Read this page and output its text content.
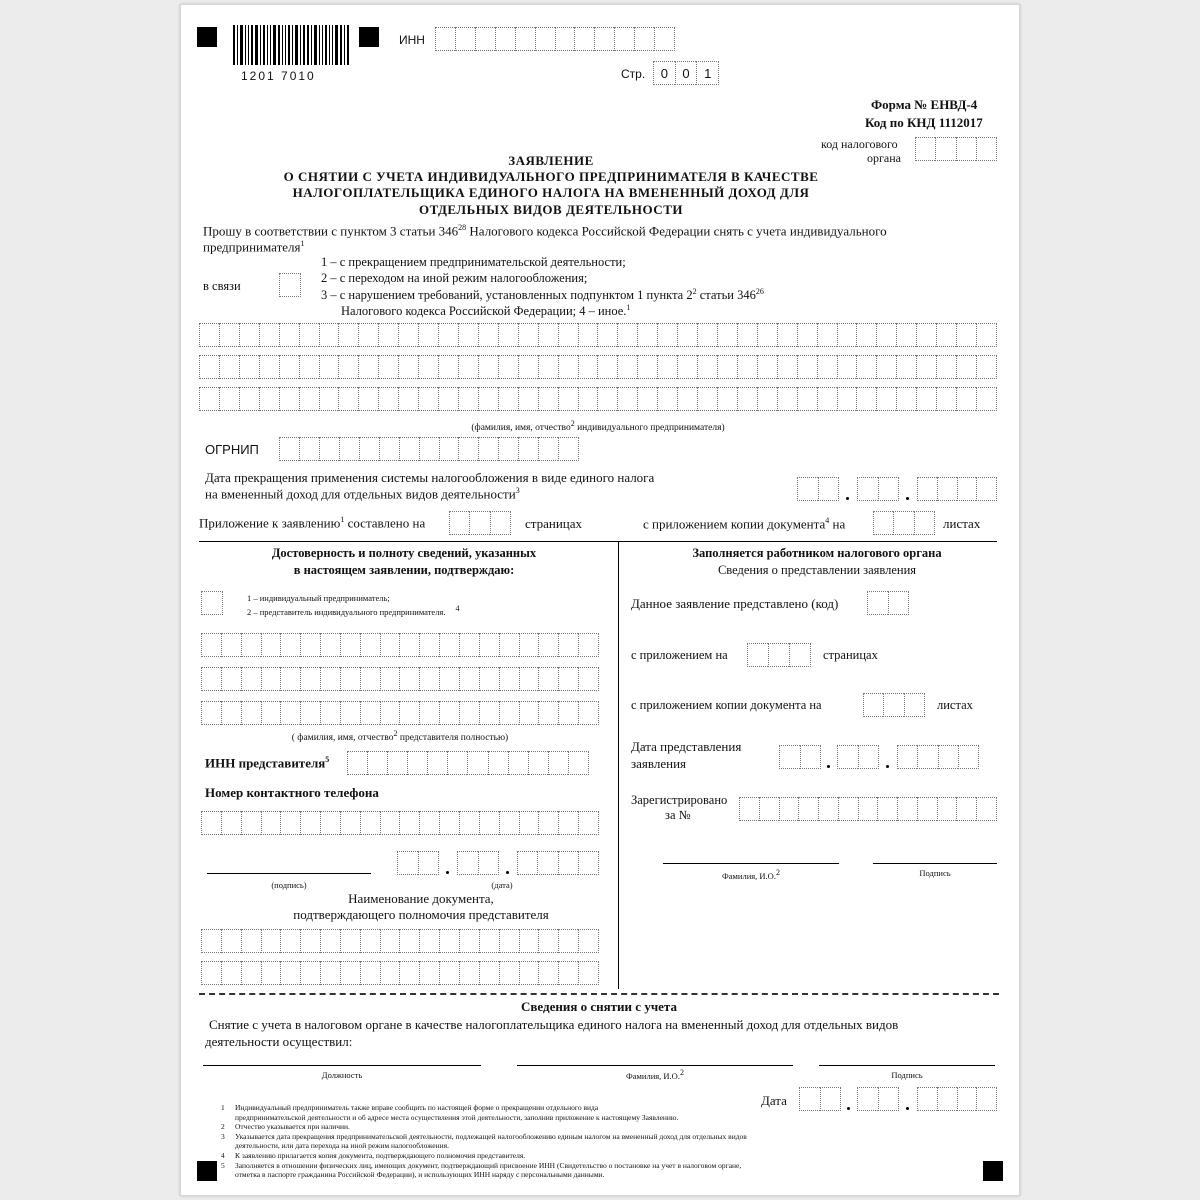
1201 7010
ИНН
Стр.	0	0	1
Форма № ЕНВД-4
Код по КНД 1112017
код налогового
органа
ЗАЯВЛЕНИЕ
О СНЯТИИ С УЧЕТА ИНДИВИДУАЛЬНОГО ПРЕДПРИНИМАТЕЛЯ В КАЧЕСТВЕ
НАЛОГОПЛАТЕЛЬЩИКА ЕДИНОГО НАЛОГА НА ВМЕНЕННЫЙ ДОХОД ДЛЯ
ОТДЕЛЬНЫХ ВИДОВ ДЕЯТЕЛЬНОСТИ
Прошу в соответствии с пунктом 3 статьи $346^{28}$ Налогового кодекса Российской Федерации снять с учета индивидуального
предпринимателя$^1$
в связи
1 – с прекращением предпринимательской деятельности;
2 – с переходом на иной режим налогообложения;
3 – с нарушением требований, установленных подпунктом 1 пункта $2^2$ статьи $346^{26}$
Налогового кодекса Российской Федерации; 4 – иное.$^1$
(фамилия, имя, отчество$^2$ индивидуального предпринимателя)
ОГРНИП
Дата прекращения применения системы налогообложения в виде единого налога
на вмененный доход для отдельных видов деятельности$^3$
Приложение к заявлению$^1$ составлено на	страницах	с приложением копии документа$^4$ на	листах
Достоверность и полноту сведений, указанных
в настоящем заявлении, подтверждаю:
1 – индивидуальный предприниматель;
2 – представитель индивидуального предпринимателя. $^4$
( фамилия, имя, отчество$^2$ представителя полностью)
ИНН представителя$^5$
Номер контактного телефона
(подпись)	(дата)
Наименование документа,
подтверждающего полномочия представителя
Заполняется работником налогового органа
Сведения о представлении заявления
Данное заявление представлено (код)
с приложением на	страницах
с приложением копии документа на	листах
Дата представления
заявления
Зарегистрировано
за №
Фамилия, И.О.$^2$	Подпись
Сведения о снятии с учета
Снятие с учета в налоговом органе в качестве налогоплательщика единого налога на вмененный доход для отдельных видов
деятельности осуществил:
Должность	Фамилия, И.О.$^2$	Подпись
Дата
1	Индивидуальный предприниматель также вправе сообщить по настоящей форме о прекращении отдельного вида
предпринимательской деятельности и об адресе места осуществления этой деятельности, заполнив приложение к настоящему Заявлению.
2	Отчество указывается при наличии.
3	Указывается дата прекращения предпринимательской деятельности, подлежащей налогообложению единым налогом на вмененный доход для отдельных видов
деятельности, или дата перехода на иной режим налогообложения.
4	К заявлению прилагается копия документа, подтверждающего полномочия представителя.
5	Заполняется в отношении физических лиц, имеющих документ, подтверждающий присвоение ИНН (Свидетельство о постановке на учет в налоговом органе,
отметка в паспорте гражданина Российской Федерации), и использующих ИНН наряду с персональными данными.
